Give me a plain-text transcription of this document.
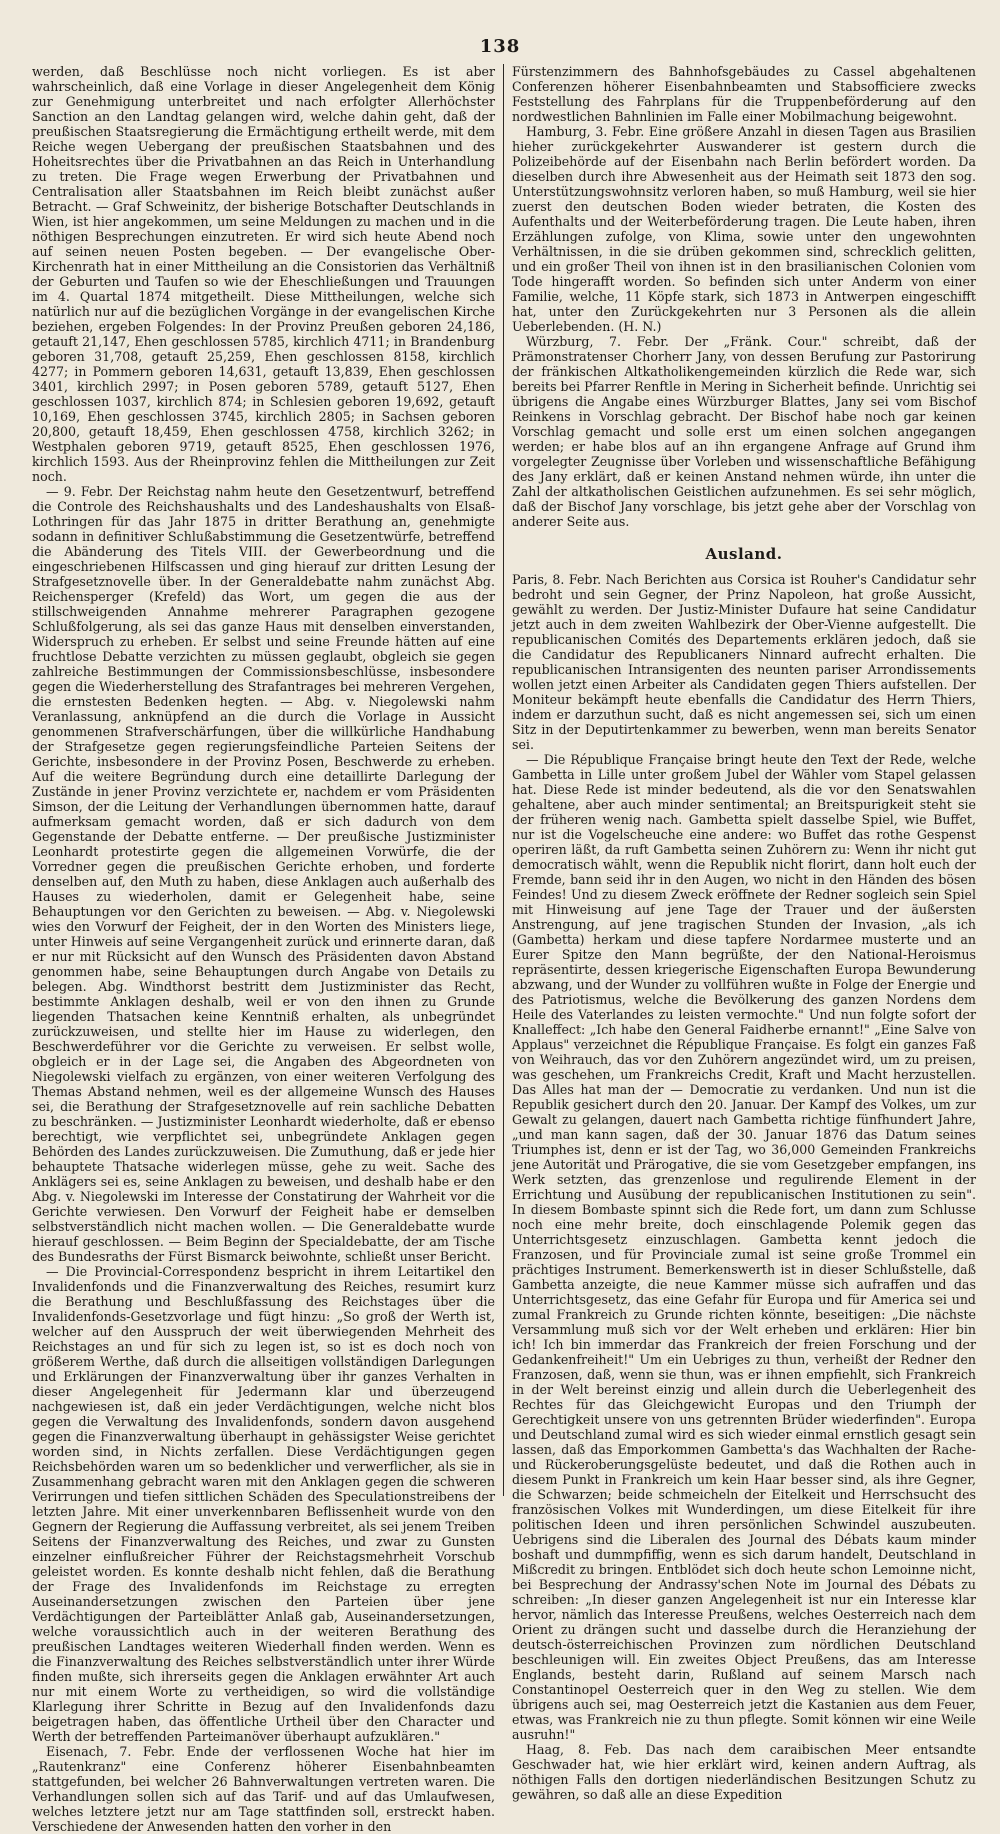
138

werden, daß Beschlüsse noch nicht vorliegen. Es ist aber wahrscheinlich, daß eine Vorlage in dieser Angelegenheit dem König zur Genehmigung unterbreitet und nach erfolgter Allerhöchster Sanction an den Landtag gelangen wird, welche dahin geht, daß der preußischen Staatsregierung die Ermächtigung ertheilt werde, mit dem Reiche wegen Uebergang der preußischen Staatsbahnen und des Hoheitsrechtes über die Privatbahnen an das Reich in Unterhandlung zu treten. Die Frage wegen Erwerbung der Privatbahnen und Centralisation aller Staatsbahnen im Reich bleibt zunächst außer Betracht. — Graf Schweinitz, der bisherige Botschafter Deutschlands in Wien, ist hier angekommen, um seine Meldungen zu machen und in die nöthigen Besprechungen einzutreten. Er wird sich heute Abend noch auf seinen neuen Posten begeben. — Der evangelische Ober-Kirchenrath hat in einer Mittheilung an die Consistorien das Verhältniß der Geburten und Taufen so wie der Eheschließungen und Trauungen im 4. Quartal 1874 mitgetheilt. Diese Mittheilungen, welche sich natürlich nur auf die bezüglichen Vorgänge in der evangelischen Kirche beziehen, ergeben Folgendes: In der Provinz Preußen geboren 24,186, getauft 21,147, Ehen geschlossen 5785, kirchlich 4711; in Brandenburg geboren 31,708, getauft 25,259, Ehen geschlossen 8158, kirchlich 4277; in Pommern geboren 14,631, getauft 13,839, Ehen geschlossen 3401, kirchlich 2997; in Posen geboren 5789, getauft 5127, Ehen geschlossen 1037, kirchlich 874; in Schlesien geboren 19,692, getauft 10,169, Ehen geschlossen 3745, kirchlich 2805; in Sachsen geboren 20,800, getauft 18,459, Ehen geschlossen 4758, kirchlich 3262; in Westphalen geboren 9719, getauft 8525, Ehen geschlossen 1976, kirchlich 1593. Aus der Rheinprovinz fehlen die Mittheilungen zur Zeit noch.

— 9. Febr. Der Reichstag nahm heute den Gesetzentwurf, betreffend die Controle des Reichshaushalts und des Landeshaushalts von Elsaß-Lothringen für das Jahr 1875 in dritter Berathung an, genehmigte sodann in definitiver Schlußabstimmung die Gesetzentwürfe, betreffend die Abänderung des Titels VIII. der Gewerbeordnung und die eingeschriebenen Hilfscassen und ging hierauf zur dritten Lesung der Strafgesetznovelle über. In der Generaldebatte nahm zunächst Abg. Reichensperger (Krefeld) das Wort, um gegen die aus der stillschweigenden Annahme mehrerer Paragraphen gezogene Schlußfolgerung, als sei das ganze Haus mit denselben einverstanden, Widerspruch zu erheben. Er selbst und seine Freunde hätten auf eine fruchtlose Debatte verzichten zu müssen geglaubt, obgleich sie gegen zahlreiche Bestimmungen der Commissionsbeschlüsse, insbesondere gegen die Wiederherstellung des Strafantrages bei mehreren Vergehen, die ernstesten Bedenken hegten. — Abg. v. Niegolewski nahm Veranlassung, anknüpfend an die durch die Vorlage in Aussicht genommenen Strafverschärfungen, über die willkürliche Handhabung der Strafgesetze gegen regierungsfeindliche Parteien Seitens der Gerichte, insbesondere in der Provinz Posen, Beschwerde zu erheben. Auf die weitere Begründung durch eine detaillirte Darlegung der Zustände in jener Provinz verzichtete er, nachdem er vom Präsidenten Simson, der die Leitung der Verhandlungen übernommen hatte, darauf aufmerksam gemacht worden, daß er sich dadurch von dem Gegenstande der Debatte entferne. — Der preußische Justizminister Leonhardt protestirte gegen die allgemeinen Vorwürfe, die der Vorredner gegen die preußischen Gerichte erhoben, und forderte denselben auf, den Muth zu haben, diese Anklagen auch außerhalb des Hauses zu wiederholen, damit er Gelegenheit habe, seine Behauptungen vor den Gerichten zu beweisen. — Abg. v. Niegolewski wies den Vorwurf der Feigheit, der in den Worten des Ministers liege, unter Hinweis auf seine Vergangenheit zurück und erinnerte daran, daß er nur mit Rücksicht auf den Wunsch des Präsidenten davon Abstand genommen habe, seine Behauptungen durch Angabe von Details zu belegen. Abg. Windthorst bestritt dem Justizminister das Recht, bestimmte Anklagen deshalb, weil er von den ihnen zu Grunde liegenden Thatsachen keine Kenntniß erhalten, als unbegründet zurückzuweisen, und stellte hier im Hause zu widerlegen, den Beschwerdeführer vor die Gerichte zu verweisen. Er selbst wolle, obgleich er in der Lage sei, die Angaben des Abgeordneten von Niegolewski vielfach zu ergänzen, von einer weiteren Verfolgung des Themas Abstand nehmen, weil es der allgemeine Wunsch des Hauses sei, die Berathung der Strafgesetznovelle auf rein sachliche Debatten zu beschränken. — Justizminister Leonhardt wiederholte, daß er ebenso berechtigt, wie verpflichtet sei, unbegründete Anklagen gegen Behörden des Landes zurückzuweisen. Die Zumuthung, daß er jede hier behauptete Thatsache widerlegen müsse, gehe zu weit. Sache des Anklägers sei es, seine Anklagen zu beweisen, und deshalb habe er den Abg. v. Niegolewski im Interesse der Constatirung der Wahrheit vor die Gerichte verwiesen. Den Vorwurf der Feigheit habe er demselben selbstverständlich nicht machen wollen. — Die Generaldebatte wurde hierauf geschlossen. — Beim Beginn der Specialdebatte, der am Tische des Bundesraths der Fürst Bismarck beiwohnte, schließt unser Bericht.

— Die Provincial-Correspondenz bespricht in ihrem Leitartikel den Invalidenfonds und die Finanzverwaltung des Reiches, resumirt kurz die Berathung und Beschlußfassung des Reichstages über die Invalidenfonds-Gesetzvorlage und fügt hinzu: „So groß der Werth ist, welcher auf den Ausspruch der weit überwiegenden Mehrheit des Reichstages an und für sich zu legen ist, so ist es doch noch von größerem Werthe, daß durch die allseitigen vollständigen Darlegungen und Erklärungen der Finanzverwaltung über ihr ganzes Verhalten in dieser Angelegenheit für Jedermann klar und überzeugend nachgewiesen ist, daß ein jeder Verdächtigungen, welche nicht blos gegen die Verwaltung des Invalidenfonds, sondern davon ausgehend gegen die Finanzverwaltung überhaupt in gehässigster Weise gerichtet worden sind, in Nichts zerfallen. Diese Verdächtigungen gegen Reichsbehörden waren um so bedenklicher und verwerflicher, als sie in Zusammenhang gebracht waren mit den Anklagen gegen die schweren Verirrungen und tiefen sittlichen Schäden des Speculationstreibens der letzten Jahre. Mit einer unverkennbaren Beflissenheit wurde von den Gegnern der Regierung die Auffassung verbreitet, als sei jenem Treiben Seitens der Finanzverwaltung des Reiches, und zwar zu Gunsten einzelner einflußreicher Führer der Reichstagsmehrheit Vorschub geleistet worden. Es konnte deshalb nicht fehlen, daß die Berathung der Frage des Invalidenfonds im Reichstage zu erregten Auseinandersetzungen zwischen den Parteien über jene Verdächtigungen der Parteiblätter Anlaß gab, Auseinandersetzungen, welche voraussichtlich auch in der weiteren Berathung des preußischen Landtages weiteren Wiederhall finden werden. Wenn es die Finanzverwaltung des Reiches selbstverständlich unter ihrer Würde finden mußte, sich ihrerseits gegen die Anklagen erwähnter Art auch nur mit einem Worte zu vertheidigen, so wird die vollständige Klarlegung ihrer Schritte in Bezug auf den Invalidenfonds dazu beigetragen haben, das öffentliche Urtheil über den Character und Werth der betreffenden Parteimanöver überhaupt aufzuklären."

Eisenach, 7. Febr. Ende der verflossenen Woche hat hier im „Rautenkranz" eine Conferenz höherer Eisenbahnbeamten stattgefunden, bei welcher 26 Bahnverwaltungen vertreten waren. Die Verhandlungen sollen sich auf das Tarif- und auf das Umlaufwesen, welches letztere jetzt nur am Tage stattfinden soll, erstreckt haben. Verschiedene der Anwesenden hatten den vorher in den

Fürstenzimmern des Bahnhofsgebäudes zu Cassel abgehaltenen Conferenzen höherer Eisenbahnbeamten und Stabsofficiere zwecks Feststellung des Fahrplans für die Truppenbeförderung auf den nordwestlichen Bahnlinien im Falle einer Mobilmachung beigewohnt.

Hamburg, 3. Febr. Eine größere Anzahl in diesen Tagen aus Brasilien hieher zurückgekehrter Auswanderer ist gestern durch die Polizeibehörde auf der Eisenbahn nach Berlin befördert worden. Da dieselben durch ihre Abwesenheit aus der Heimath seit 1873 den sog. Unterstützungswohnsitz verloren haben, so muß Hamburg, weil sie hier zuerst den deutschen Boden wieder betraten, die Kosten des Aufenthalts und der Weiterbeförderung tragen. Die Leute haben, ihren Erzählungen zufolge, von Klima, sowie unter den ungewohnten Verhältnissen, in die sie drüben gekommen sind, schrecklich gelitten, und ein großer Theil von ihnen ist in den brasilianischen Colonien vom Tode hingerafft worden. So befinden sich unter Anderm von einer Familie, welche, 11 Köpfe stark, sich 1873 in Antwerpen eingeschifft hat, unter den Zurückgekehrten nur 3 Personen als die allein Ueberlebenden. (H. N.)

Würzburg, 7. Febr. Der „Fränk. Cour." schreibt, daß der Prämonstratenser Chorherr Jany, von dessen Berufung zur Pastorirung der fränkischen Altkatholikengemeinden kürzlich die Rede war, sich bereits bei Pfarrer Renftle in Mering in Sicherheit befinde. Unrichtig sei übrigens die Angabe eines Würzburger Blattes, Jany sei vom Bischof Reinkens in Vorschlag gebracht. Der Bischof habe noch gar keinen Vorschlag gemacht und solle erst um einen solchen angegangen werden; er habe blos auf an ihn ergangene Anfrage auf Grund ihm vorgelegter Zeugnisse über Vorleben und wissenschaftliche Befähigung des Jany erklärt, daß er keinen Anstand nehmen würde, ihn unter die Zahl der altkatholischen Geistlichen aufzunehmen. Es sei sehr möglich, daß der Bischof Jany vorschlage, bis jetzt gehe aber der Vorschlag von anderer Seite aus.

Ausland.

Paris, 8. Febr. Nach Berichten aus Corsica ist Rouher's Candidatur sehr bedroht und sein Gegner, der Prinz Napoleon, hat große Aussicht, gewählt zu werden. Der Justiz-Minister Dufaure hat seine Candidatur jetzt auch in dem zweiten Wahlbezirk der Ober-Vienne aufgestellt. Die republicanischen Comités des Departements erklären jedoch, daß sie die Candidatur des Republicaners Ninnard aufrecht erhalten. Die republicanischen Intransigenten des neunten pariser Arrondissements wollen jetzt einen Arbeiter als Candidaten gegen Thiers aufstellen. Der Moniteur bekämpft heute ebenfalls die Candidatur des Herrn Thiers, indem er darzuthun sucht, daß es nicht angemessen sei, sich um einen Sitz in der Deputirtenkammer zu bewerben, wenn man bereits Senator sei.

— Die République Française bringt heute den Text der Rede, welche Gambetta in Lille unter großem Jubel der Wähler vom Stapel gelassen hat. Diese Rede ist minder bedeutend, als die vor den Senatswahlen gehaltene, aber auch minder sentimental; an Breitspurigkeit steht sie der früheren wenig nach. Gambetta spielt dasselbe Spiel, wie Buffet, nur ist die Vogelscheuche eine andere: wo Buffet das rothe Gespenst operiren läßt, da ruft Gambetta seinen Zuhörern zu: Wenn ihr nicht gut democratisch wählt, wenn die Republik nicht florirt, dann holt euch der Fremde, bann seid ihr in den Augen, wo nicht in den Händen des bösen Feindes! Und zu diesem Zweck eröffnete der Redner sogleich sein Spiel mit Hinweisung auf jene Tage der Trauer und der äußersten Anstrengung, auf jene tragischen Stunden der Invasion, „als ich (Gambetta) herkam und diese tapfere Nordarmee musterte und an Eurer Spitze den Mann begrüßte, der den National-Heroismus repräsentirte, dessen kriegerische Eigenschaften Europa Bewunderung abzwang, und der Wunder zu vollführen wußte in Folge der Energie und des Patriotismus, welche die Bevölkerung des ganzen Nordens dem Heile des Vaterlandes zu leisten vermochte." Und nun folgte sofort der Knalleffect: „Ich habe den General Faidherbe ernannt!" „Eine Salve von Applaus" verzeichnet die République Française. Es folgt ein ganzes Faß von Weihrauch, das vor den Zuhörern angezündet wird, um zu preisen, was geschehen, um Frankreichs Credit, Kraft und Macht herzustellen. Das Alles hat man der — Democratie zu verdanken. Und nun ist die Republik gesichert durch den 20. Januar. Der Kampf des Volkes, um zur Gewalt zu gelangen, dauert nach Gambetta richtige fünfhundert Jahre, „und man kann sagen, daß der 30. Januar 1876 das Datum seines Triumphes ist, denn er ist der Tag, wo 36,000 Gemeinden Frankreichs jene Autorität und Prärogative, die sie vom Gesetzgeber empfangen, ins Werk setzten, das grenzenlose und regulirende Element in der Errichtung und Ausübung der republicanischen Institutionen zu sein". In diesem Bombaste spinnt sich die Rede fort, um dann zum Schlusse noch eine mehr breite, doch einschlagende Polemik gegen das Unterrichtsgesetz einzuschlagen. Gambetta kennt jedoch die Franzosen, und für Provinciale zumal ist seine große Trommel ein prächtiges Instrument. Bemerkenswerth ist in dieser Schlußstelle, daß Gambetta anzeigte, die neue Kammer müsse sich aufraffen und das Unterrichtsgesetz, das eine Gefahr für Europa und für America sei und zumal Frankreich zu Grunde richten könnte, beseitigen: „Die nächste Versammlung muß sich vor der Welt erheben und erklären: Hier bin ich! Ich bin immerdar das Frankreich der freien Forschung und der Gedankenfreiheit!" Um ein Uebriges zu thun, verheißt der Redner den Franzosen, daß, wenn sie thun, was er ihnen empfiehlt, sich Frankreich in der Welt bereinst einzig und allein durch die Ueberlegenheit des Rechtes für das Gleichgewicht Europas und den Triumph der Gerechtigkeit unsere von uns getrennten Brüder wiederfinden". Europa und Deutschland zumal wird es sich wieder einmal ernstlich gesagt sein lassen, daß das Emporkommen Gambetta's das Wachhalten der Rache- und Rückeroberungsgelüste bedeutet, und daß die Rothen auch in diesem Punkt in Frankreich um kein Haar besser sind, als ihre Gegner, die Schwarzen; beide schmeicheln der Eitelkeit und Herrschsucht des französischen Volkes mit Wunderdingen, um diese Eitelkeit für ihre politischen Ideen und ihren persönlichen Schwindel auszubeuten. Uebrigens sind die Liberalen des Journal des Débats kaum minder boshaft und dummpfiffig, wenn es sich darum handelt, Deutschland in Mißcredit zu bringen. Entblödet sich doch heute schon Lemoinne nicht, bei Besprechung der Andrassy'schen Note im Journal des Débats zu schreiben: „In dieser ganzen Angelegenheit ist nur ein Interesse klar hervor, nämlich das Interesse Preußens, welches Oesterreich nach dem Orient zu drängen sucht und dasselbe durch die Heranziehung der deutsch-österreichischen Provinzen zum nördlichen Deutschland beschleunigen will. Ein zweites Object Preußens, das am Interesse Englands, besteht darin, Rußland auf seinem Marsch nach Constantinopel Oesterreich quer in den Weg zu stellen. Wie dem übrigens auch sei, mag Oesterreich jetzt die Kastanien aus dem Feuer, etwas, was Frankreich nie zu thun pflegte. Somit können wir eine Weile ausruhn!"

Haag, 8. Feb. Das nach dem caraibischen Meer entsandte Geschwader hat, wie hier erklärt wird, keinen andern Auftrag, als nöthigen Falls den dortigen niederländischen Besitzungen Schutz zu gewähren, so daß alle an diese Expedition
